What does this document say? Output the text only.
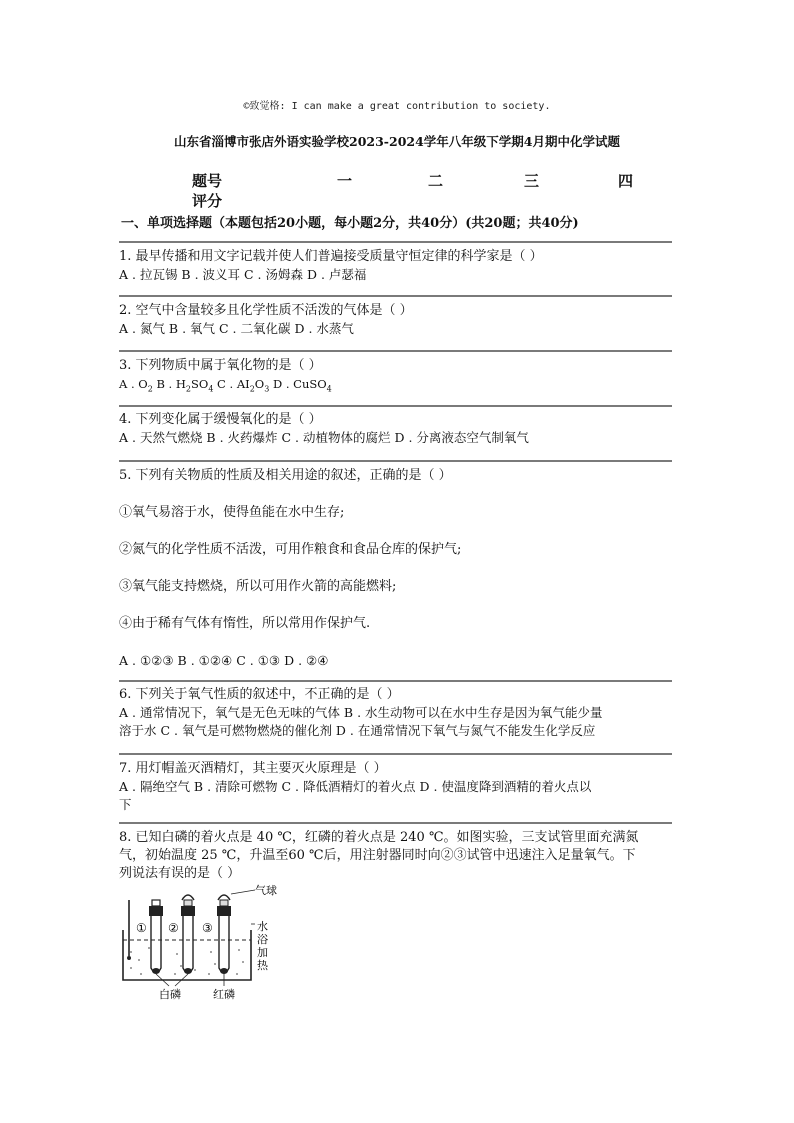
©致觉格: I can make a great contribution to society.
山东省淄博市张店外语实验学校2023-2024学年八年级下学期4月期中化学试题
题号	一	二	三	四
评分
一、单项选择题（本题包括20小题，每小题2分，共40分）(共20题；共40分)
1. 最早传播和用文字记载并使人们普遍接受质量守恒定律的科学家是（ ）
A . 拉瓦锡 B . 波义耳 C . 汤姆森 D . 卢瑟福
2. 空气中含量较多且化学性质不活泼的气体是（ ）
A . 氮气 B . 氧气 C . 二氧化碳 D . 水蒸气
3. 下列物质中属于氧化物的是（ ）
A . $O_2$ B . $H_2SO_4$ C . $AI_2O_3$ D . CuSO$_4$
4. 下列变化属于缓慢氧化的是（ ）
A . 天然气燃烧 B . 火药爆炸 C . 动植物体的腐烂 D . 分离液态空气制氧气
5. 下列有关物质的性质及相关用途的叙述，正确的是（ ）
①氧气易溶于水，使得鱼能在水中生存;
②氮气的化学性质不活泼，可用作粮食和食品仓库的保护气;
③氧气能支持燃烧，所以可用作火箭的高能燃料;
④由于稀有气体有惰性，所以常用作保护气.
A . ①②③ B . ①②④ C . ①③ D . ②④
6. 下列关于氧气性质的叙述中，不正确的是（ ）
A . 通常情况下，氧气是无色无味的气体 B . 水生动物可以在水中生存是因为氧气能少量
溶于水 C . 氧气是可燃物燃烧的催化剂 D . 在通常情况下氧气与氮气不能发生化学反应
7. 用灯帽盖灭酒精灯，其主要灭火原理是（ ）
A . 隔绝空气 B . 清除可燃物 C . 降低酒精灯的着火点 D . 使温度降到酒精的着火点以
下
8. 已知白磷的着火点是 40 ℃，红磷的着火点是 240 ℃。如图实验，三支试管里面充满氮
气，初始温度 25 ℃，升温至60 ℃后，用注射器同时向②③试管中迅速注入足量氧气。下
列说法有误的是（ ）
气球
① ② ③	水
浴
加
热
白磷	红磷
